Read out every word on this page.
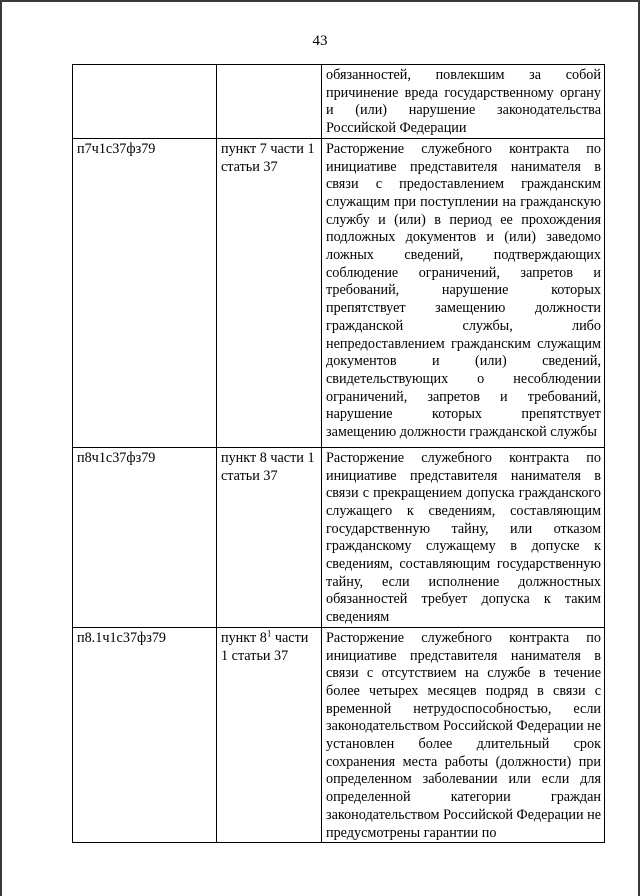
43
		обязанностей, повлекшим за собой причинение вреда государственному органу и (или) нарушение законодательства Российской Федерации
п7ч1с37фз79	пункт 7 части 1 статьи 37	Расторжение служебного контракта по инициативе представителя нанимателя в связи с предоставлением гражданским служащим при поступлении на гражданскую службу и (или) в период ее прохождения подложных документов и (или) заведомо ложных сведений, подтверждающих соблюдение ограничений, запретов и требований, нарушение которых препятствует замещению должности гражданской службы, либо непредоставлением гражданским служащим документов и (или) сведений, свидетельствующих о несоблюдении ограничений, запретов и требований, нарушение которых препятствует замещению должности гражданской службы
п8ч1с37фз79	пункт 8 части 1 статьи 37	Расторжение служебного контракта по инициативе представителя нанимателя в связи с прекращением допуска гражданского служащего к сведениям, составляющим государственную тайну, или отказом гражданскому служащему в допуске к сведениям, составляющим государственную тайну, если исполнение должностных обязанностей требует допуска к таким сведениям
п8.1ч1с37фз79	пункт $8^1$ части 1 статьи 37	Расторжение служебного контракта по инициативе представителя нанимателя в связи с отсутствием на службе в течение более четырех месяцев подряд в связи с временной нетрудоспособностью, если законодательством Российской Федерации не установлен более длительный срок сохранения места работы (должности) при определенном заболевании или если для определенной категории граждан законодательством Российской Федерации не предусмотрены гарантии по
